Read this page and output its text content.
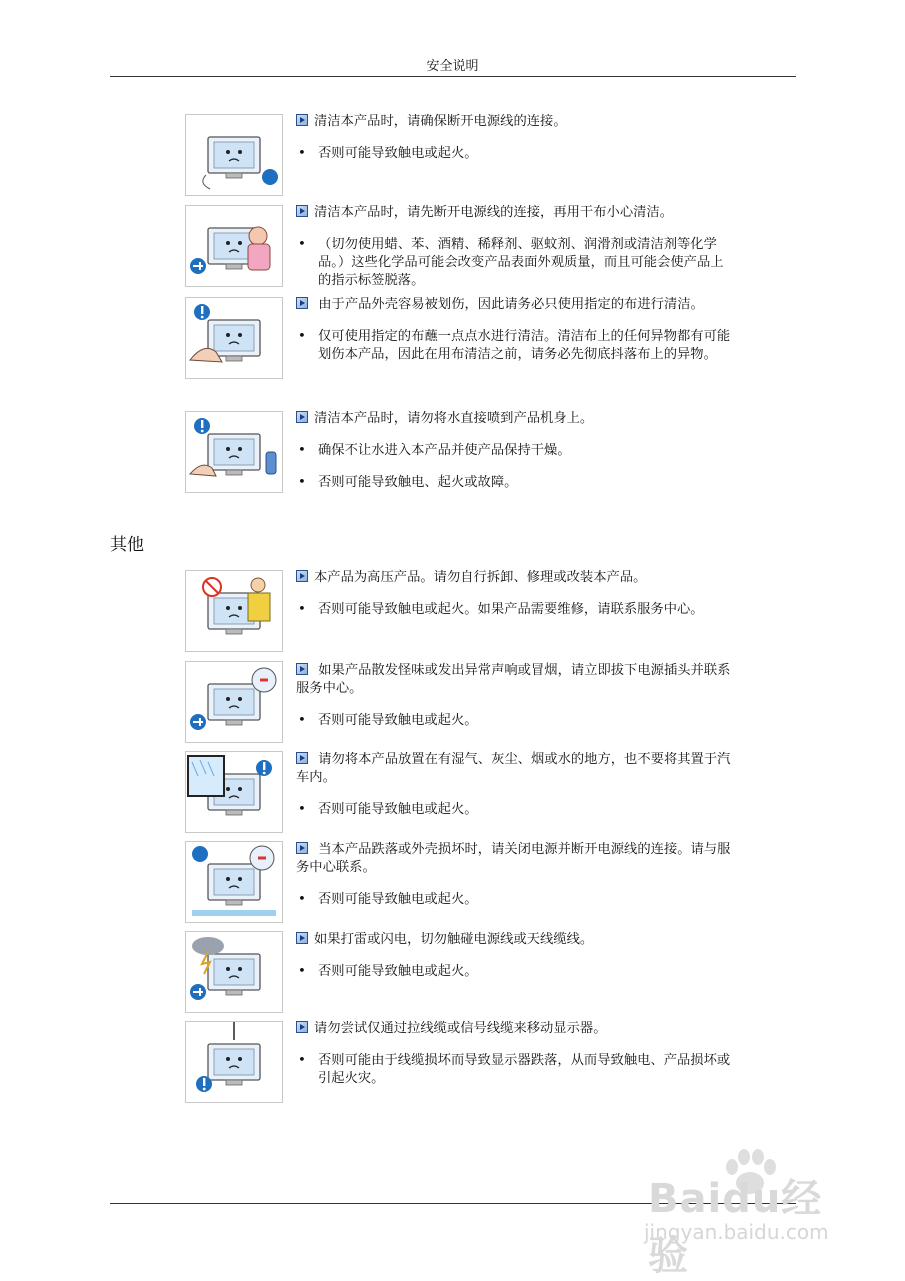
安全说明
其他
清洁本产品时，请确保断开电源线的连接。
• 否则可能导致触电或起火。
清洁本产品时，请先断开电源线的连接，再用干布小心清洁。
• （切勿使用蜡、苯、酒精、稀释剂、驱蚊剂、润滑剂或清洁剂等化学品。）这些化学品可能会改变产品表面外观质量，而且可能会使产品上的指示标签脱落。
由于产品外壳容易被划伤，因此请务必只使用指定的布进行清洁。
• 仅可使用指定的布蘸一点点水进行清洁。清洁布上的任何异物都有可能划伤本产品，因此在用布清洁之前，请务必先彻底抖落布上的异物。
清洁本产品时，请勿将水直接喷到产品机身上。
• 确保不让水进入本产品并使产品保持干燥。
• 否则可能导致触电、起火或故障。
本产品为高压产品。请勿自行拆卸、修理或改装本产品。
• 否则可能导致触电或起火。如果产品需要维修，请联系服务中心。
如果产品散发怪味或发出异常声响或冒烟，请立即拔下电源插头并联系服务中心。
• 否则可能导致触电或起火。
请勿将本产品放置在有湿气、灰尘、烟或水的地方，也不要将其置于汽车内。
• 否则可能导致触电或起火。
当本产品跌落或外壳损坏时，请关闭电源并断开电源线的连接。请与服务中心联系。
• 否则可能导致触电或起火。
如果打雷或闪电，切勿触碰电源线或天线缆线。
• 否则可能导致触电或起火。
请勿尝试仅通过拉线缆或信号线缆来移动显示器。
• 否则可能由于线缆损坏而导致显示器跌落，从而导致触电、产品损坏或引起火灾。
Baidu经验
jingyan.baidu.com
